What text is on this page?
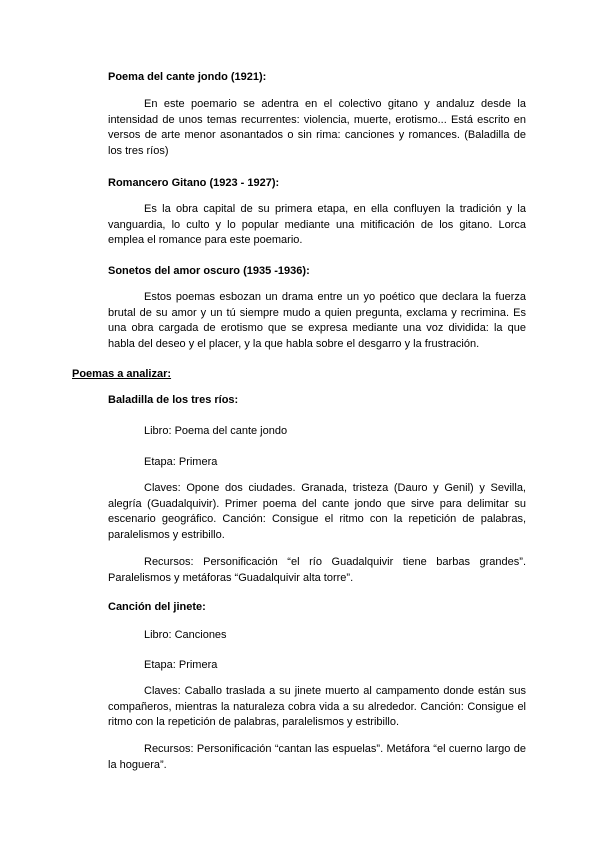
Poema del cante jondo (1921):

En este poemario se adentra en el colectivo gitano y andaluz desde la intensidad de unos temas recurrentes: violencia, muerte, erotismo... Está escrito en versos de arte menor asonantados o sin rima: canciones y romances. (Baladilla de los tres ríos)

Romancero Gitano (1923 - 1927):

Es la obra capital de su primera etapa, en ella confluyen la tradición y la vanguardia, lo culto y lo popular mediante una mitificación de los gitano. Lorca emplea el romance para este poemario.

Sonetos del amor oscuro (1935 -1936):

Estos poemas esbozan un drama entre un yo poético que declara la fuerza brutal de su amor y un tú siempre mudo a quien pregunta, exclama y recrimina. Es una obra cargada de erotismo que se expresa mediante una voz dividida: la que habla del deseo y el placer, y la que habla sobre el desgarro y la frustración.

Poemas a analizar:
Baladilla de los tres ríos:
Libro: Poema del cante jondo
Etapa: Primera

Claves: Opone dos ciudades. Granada, tristeza (Dauro y Genil) y Sevilla, alegría (Guadalquivir). Primer poema del cante jondo que sirve para delimitar su escenario geográfico. Canción: Consigue el ritmo con la repetición de palabras, paralelismos y estribillo.

Recursos: Personificación “el río Guadalquivir tiene barbas grandes”. Paralelismos y metáforas “Guadalquivir alta torre”.

Canción del jinete:
Libro: Canciones
Etapa: Primera

Claves: Caballo traslada a su jinete muerto al campamento donde están sus compañeros, mientras la naturaleza cobra vida a su alrededor. Canción: Consigue el ritmo con la repetición de palabras, paralelismos y estribillo.

Recursos: Personificación “cantan las espuelas”. Metáfora “el cuerno largo de la hoguera”.
